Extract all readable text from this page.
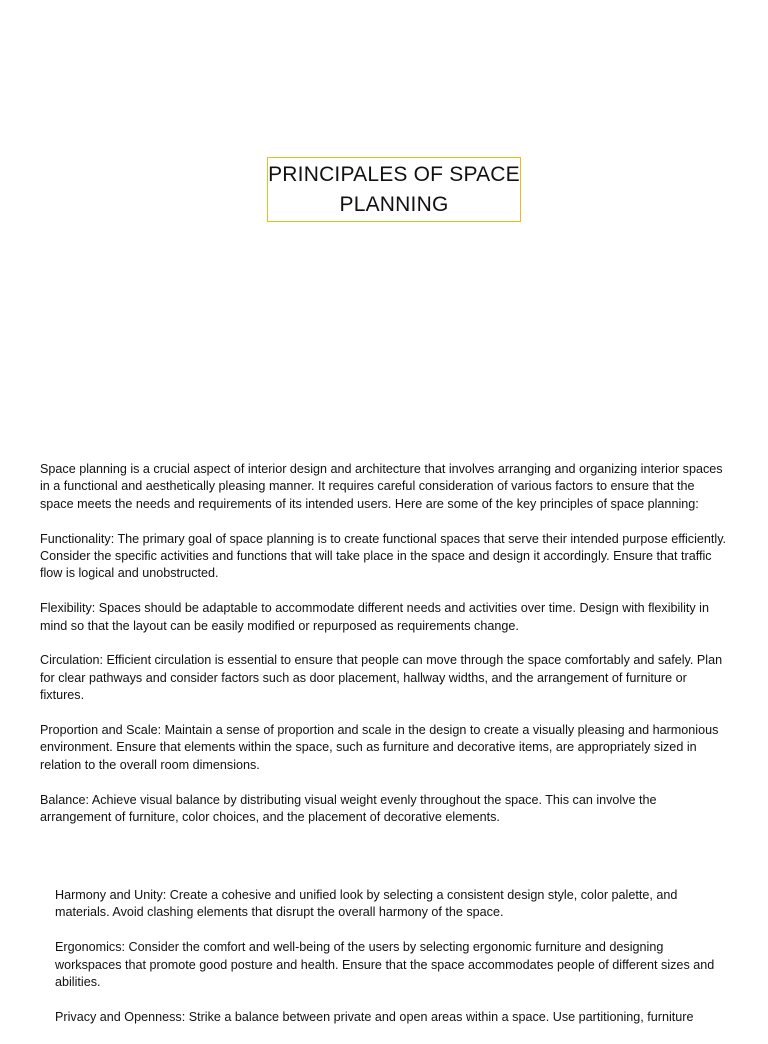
PRINCIPALES OF SPACE
PLANNING

Space planning is a crucial aspect of interior design and architecture that involves arranging and organizing interior spaces in a functional and aesthetically pleasing manner. It requires careful consideration of various factors to ensure that the space meets the needs and requirements of its intended users. Here are some of the key principles of space planning:

Functionality: The primary goal of space planning is to create functional spaces that serve their intended purpose efficiently. Consider the specific activities and functions that will take place in the space and design it accordingly. Ensure that traffic flow is logical and unobstructed.

Flexibility: Spaces should be adaptable to accommodate different needs and activities over time. Design with flexibility in mind so that the layout can be easily modified or repurposed as requirements change.

Circulation: Efficient circulation is essential to ensure that people can move through the space comfortably and safely. Plan for clear pathways and consider factors such as door placement, hallway widths, and the arrangement of furniture or fixtures.

Proportion and Scale: Maintain a sense of proportion and scale in the design to create a visually pleasing and harmonious environment. Ensure that elements within the space, such as furniture and decorative items, are appropriately sized in relation to the overall room dimensions.

Balance: Achieve visual balance by distributing visual weight evenly throughout the space. This can involve the arrangement of furniture, color choices, and the placement of decorative elements.

Harmony and Unity: Create a cohesive and unified look by selecting a consistent design style, color palette, and materials. Avoid clashing elements that disrupt the overall harmony of the space.

Ergonomics: Consider the comfort and well-being of the users by selecting ergonomic furniture and designing workspaces that promote good posture and health. Ensure that the space accommodates people of different sizes and abilities.

Privacy and Openness: Strike a balance between private and open areas within a space. Use partitioning, furniture
